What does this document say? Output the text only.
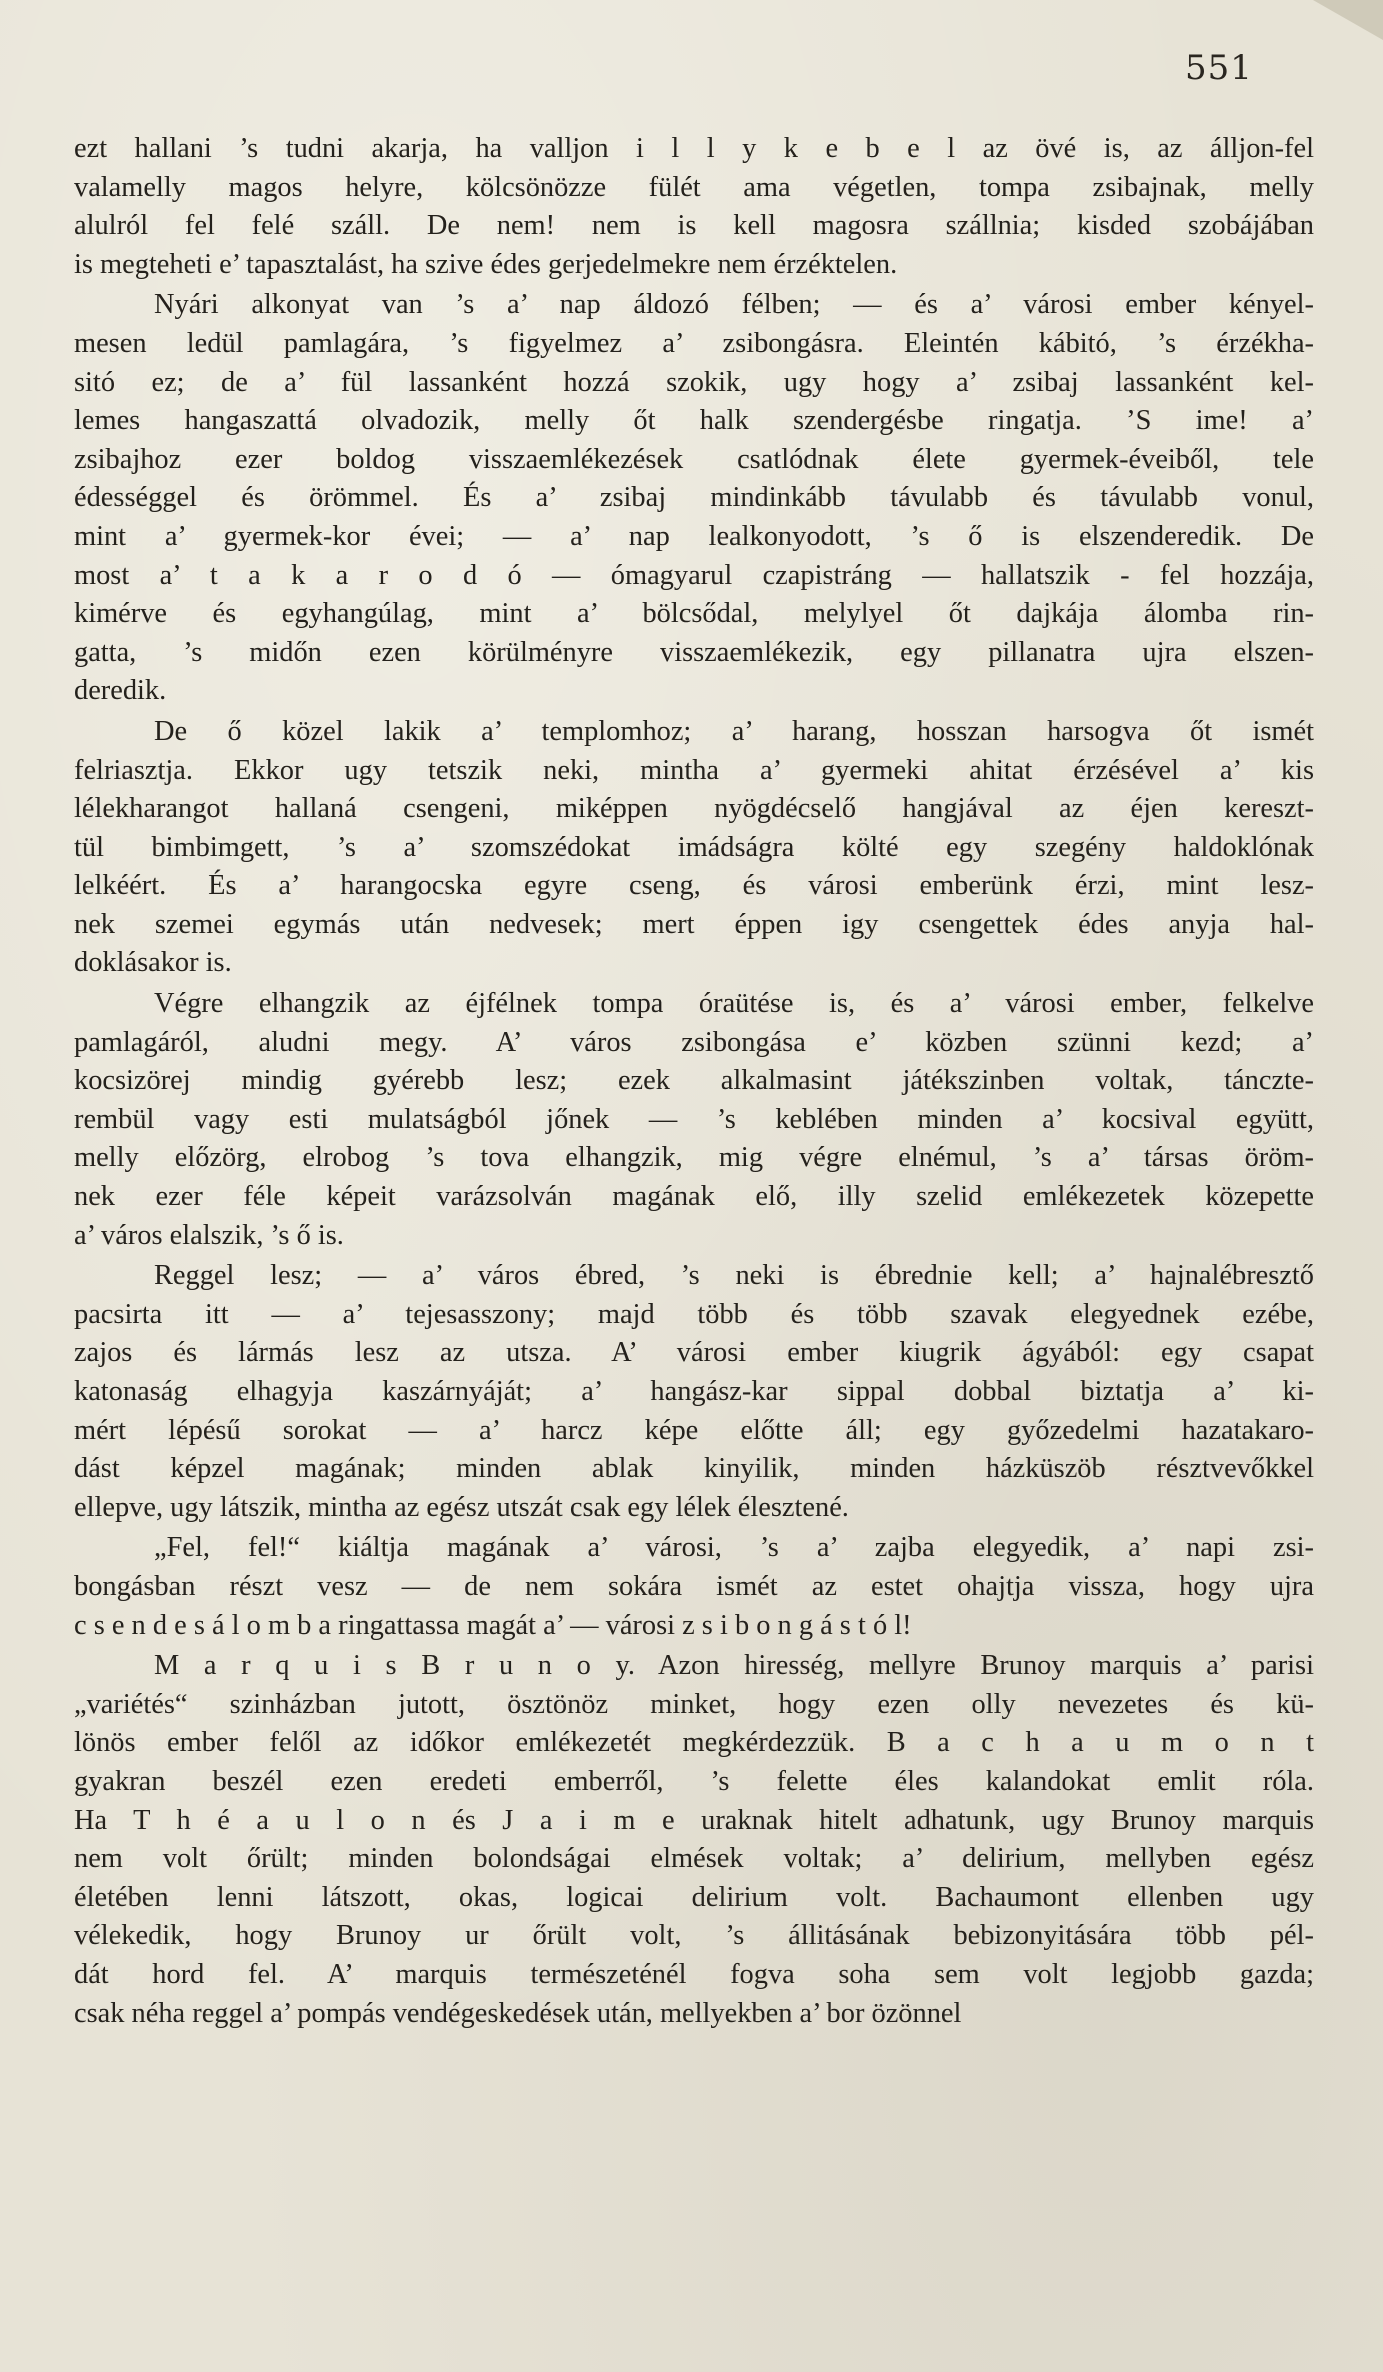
551
ezt hallani ’s tudni akarja, ha valljon i l l y k e b e l az övé is, az állјon-fel
valamelly magos helyre, kölcsönözze fülét ama végetlen, tompa zsibajnak, melly
alulról fel felé száll. De nem! nem is kell magosra szállnia; kisded szobájában
is megteheti e’ tapasztalást, ha szive édes gerjedelmekre nem érzéktelen.
Nyári alkonyat van ’s a’ nap áldozó félben; — és a’ városi ember kényel-
mesen ledül pamlagára, ’s figyelmez a’ zsibongásra. Eleintén kábitó, ’s érzékha-
sitó ez; de a’ fül lassanként hozzá szokik, ugy hogy a’ zsibaj lassanként kel-
lemes hangaszattá olvadozik, melly őt halk szendergésbe ringatja. ’S ime! a’
zsibajhoz ezer boldog visszaemlékezések csatlódnak élete gyermek-éveiből, tele
édességgel és örömmel. És a’ zsibaj mindinkább távulabb és távulabb vonul,
mint a’ gyermek-kor évei; — a’ nap lealkonyodott, ’s ő is elszenderedik. De
most a’ t a k a r o d ó — ómagyarul czapistráng — hallatszik - fel hozzája,
kimérve és egyhangúlag, mint a’ bölcsődal, melylyel őt dajkája álomba rin-
gatta, ’s midőn ezen körülményre visszaemlékezik, egy pillanatra ujra elszen-
deredik.
De ő közel lakik a’ templomhoz; a’ harang, hosszan harsogva őt ismét
felriasztja. Ekkor ugy tetszik neki, mintha a’ gyermeki ahitat érzésével a’ kis
lélekharangot hallaná csengeni, miképpen nyögdécselő hangjával az éjen kereszt-
tül bimbimgett, ’s a’ szomszédokat imádságra költé egy szegény haldoklónak
lelkéért. És a’ harangocska egyre cseng, és városi emberünk érzi, mint lesz-
nek szemei egymás után nedvesek; mert éppen igy csengettek édes anyja hal-
doklásakor is.
Végre elhangzik az éjfélnek tompa óraütése is, és a’ városi ember, felkelve
pamlagáról, aludni megy. A’ város zsibongása e’ közben szünni kezd; a’
kocsizörej mindig gyérebb lesz; ezek alkalmasint játékszinben voltak, tánczte-
rembül vagy esti mulatságból jőnek — ’s keblében minden a’ kocsival együtt,
melly előzörg, elrobog ’s tova elhangzik, mig végre elnémul, ’s a’ társas öröm-
nek ezer féle képeit varázsolván magának elő, illy szelid emlékezetek közepette
a’ város elalszik, ’s ő is.
Reggel lesz; — a’ város ébred, ’s neki is ébrednie kell; a’ hajnalébresztő
pacsirta itt — a’ tejesasszony; majd több és több szavak elegyednek ezébe,
zajos és lármás lesz az utsza. A’ városi ember kiugrik ágyából: egy csapat
katonaság elhagyja kaszárnyáját; a’ hangász-kar sippal dobbal biztatja a’ ki-
mért lépésű sorokat — a’ harcz képe előtte áll; egy győzedelmi hazatakaro-
dást képzel magának; minden ablak kinyilik, minden házküszöb résztvevőkkel
ellepve, ugy látszik, mintha az egész utszát csak egy lélek élesztené.
„Fel, fel!“ kiáltja magának a’ városi, ’s a’ zajba elegyedik, a’ napi zsi-
bongásban részt vesz — de nem sokára ismét az estet ohajtja vissza, hogy ujra
c s e n d e s á l o m b a ringattassa magát a’ — városi z s i b o n g á s t ó l!
M a r q u i s B r u n o y. Azon hiresség, mellyre Brunoy marquis a’ parisi
„variétés“ szinházban jutott, ösztönöz minket, hogy ezen olly nevezetes és kü-
lönös ember felől az időkor emlékezetét megkérdezzük. B a c h a u m o n t
gyakran beszél ezen eredeti emberről, ’s felette éles kalandokat emlit róla.
Ha T h é a u l o n és J a i m e uraknak hitelt adhatunk, ugy Brunoy marquis
nem volt őrült; minden bolondságai elmések voltak; a’ delirium, mellyben egész
életében lenni látszott, okas, logicai delirium volt. Bachaumont ellenben ugy
vélekedik, hogy Brunoy ur őrült volt, ’s állitásának bebizonyitására több pél-
dát hord fel. A’ marquis természeténél fogva soha sem volt legjobb gazda;
csak néha reggel a’ pompás vendégeskedések után, mellyekben a’ bor özönnel
